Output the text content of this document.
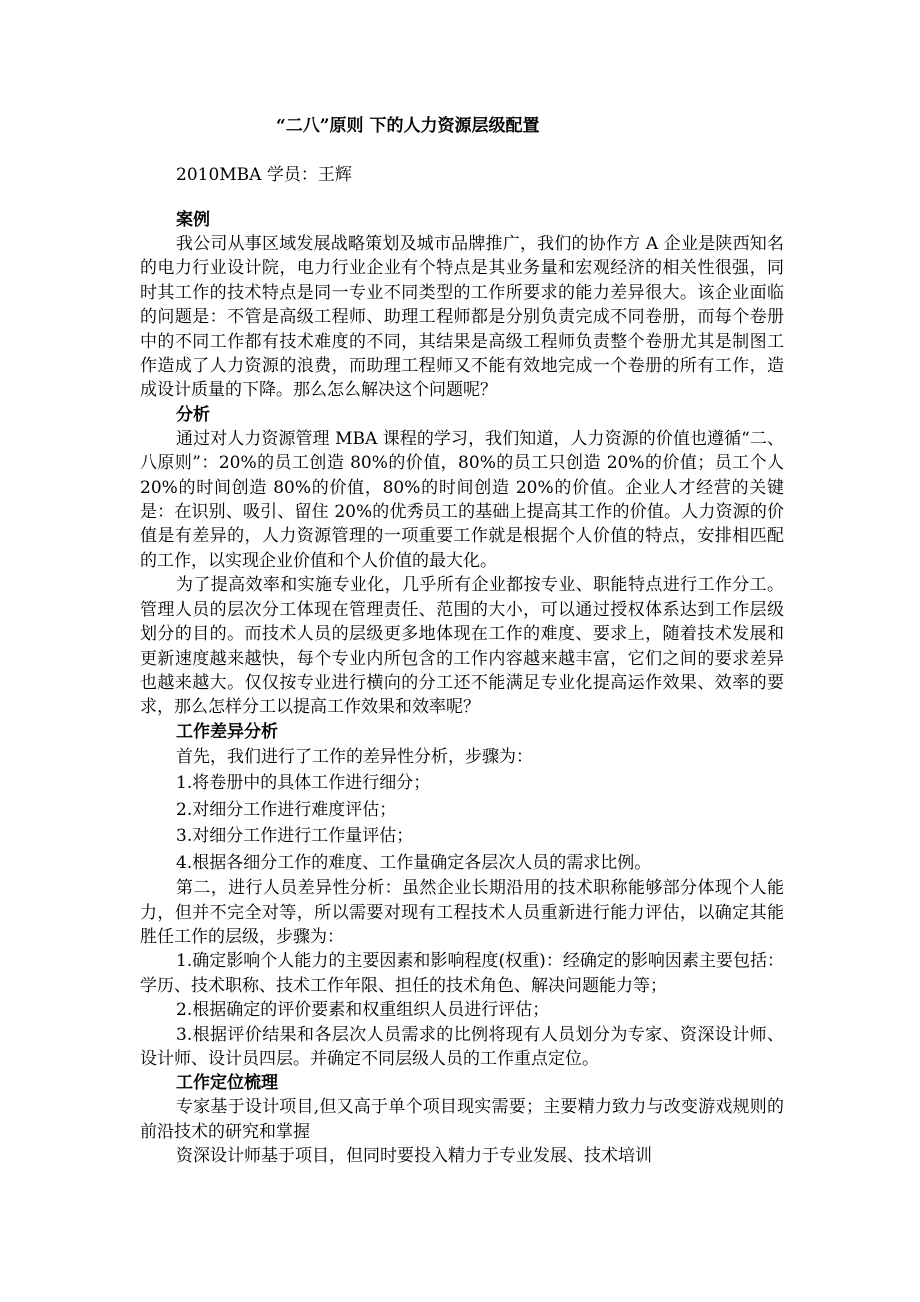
“二八”原则 下的人力资源层级配置

2010MBA 学员：王辉

案例

我公司从事区域发展战略策划及城市品牌推广，我们的协作方 A 企业是陕西知名的电力行业设计院，电力行业企业有个特点是其业务量和宏观经济的相关性很强，同时其工作的技术特点是同一专业不同类型的工作所要求的能力差异很大。该企业面临的问题是：不管是高级工程师、助理工程师都是分别负责完成不同卷册，而每个卷册中的不同工作都有技术难度的不同，其结果是高级工程师负责整个卷册尤其是制图工作造成了人力资源的浪费，而助理工程师又不能有效地完成一个卷册的所有工作，造成设计质量的下降。那么怎么解决这个问题呢？

分析

通过对人力资源管理 MBA 课程的学习，我们知道，人力资源的价值也遵循“二、八原则”：20%的员工创造 80%的价值，80%的员工只创造 20%的价值；员工个人 20%的时间创造 80%的价值，80%的时间创造 20%的价值。企业人才经营的关键是：在识别、吸引、留住 20%的优秀员工的基础上提高其工作的价值。人力资源的价值是有差异的，人力资源管理的一项重要工作就是根据个人价值的特点，安排相匹配的工作，以实现企业价值和个人价值的最大化。

为了提高效率和实施专业化，几乎所有企业都按专业、职能特点进行工作分工。管理人员的层次分工体现在管理责任、范围的大小，可以通过授权体系达到工作层级划分的目的。而技术人员的层级更多地体现在工作的难度、要求上，随着技术发展和更新速度越来越快，每个专业内所包含的工作内容越来越丰富，它们之间的要求差异也越来越大。仅仅按专业进行横向的分工还不能满足专业化提高运作效果、效率的要求，那么怎样分工以提高工作效果和效率呢？

工作差异分析

首先，我们进行了工作的差异性分析，步骤为：

1.将卷册中的具体工作进行细分；

2.对细分工作进行难度评估；

3.对细分工作进行工作量评估；

4.根据各细分工作的难度、工作量确定各层次人员的需求比例。

第二，进行人员差异性分析：虽然企业长期沿用的技术职称能够部分体现个人能力，但并不完全对等，所以需要对现有工程技术人员重新进行能力评估，以确定其能胜任工作的层级，步骤为：

1.确定影响个人能力的主要因素和影响程度(权重)：经确定的影响因素主要包括：学历、技术职称、技术工作年限、担任的技术角色、解决问题能力等；

2.根据确定的评价要素和权重组织人员进行评估；

3.根据评价结果和各层次人员需求的比例将现有人员划分为专家、资深设计师、设计师、设计员四层。并确定不同层级人员的工作重点定位。

工作定位梳理

专家基于设计项目,但又高于单个项目现实需要；主要精力致力与改变游戏规则的前沿技术的研究和掌握

资深设计师基于项目，但同时要投入精力于专业发展、技术培训
